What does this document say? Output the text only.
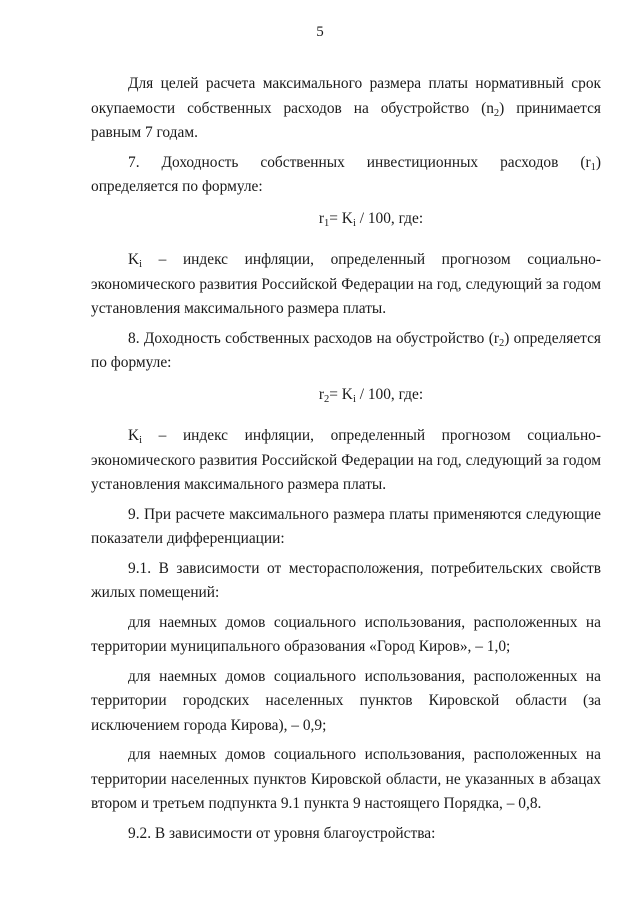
5

Для целей расчета максимального размера платы нормативный срок окупаемости собственных расходов на обустройство $(n_2)$ принимается равным 7 годам.

7. Доходность собственных инвестиционных расходов $(r_1)$ определяется по формуле:

$r_1= K_i / 100$, где:

$K_i$ – индекс инфляции, определенный прогнозом социально-экономического развития Российской Федерации на год, следующий за годом установления максимального размера платы.

8. Доходность собственных расходов на обустройство $(r_2)$ определяется по формуле:

$r_2= K_i / 100$, где:

$K_i$ – индекс инфляции, определенный прогнозом социально-экономического развития Российской Федерации на год, следующий за годом установления максимального размера платы.

9. При расчете максимального размера платы применяются следующие показатели дифференциации:

9.1. В зависимости от месторасположения, потребительских свойств жилых помещений:

для наемных домов социального использования, расположенных на территории муниципального образования «Город Киров», – 1,0;

для наемных домов социального использования, расположенных на территории городских населенных пунктов Кировской области (за исключением города Кирова), – 0,9;

для наемных домов социального использования, расположенных на территории населенных пунктов Кировской области, не указанных в абзацах втором и третьем подпункта 9.1 пункта 9 настоящего Порядка, – 0,8.

9.2. В зависимости от уровня благоустройства:
